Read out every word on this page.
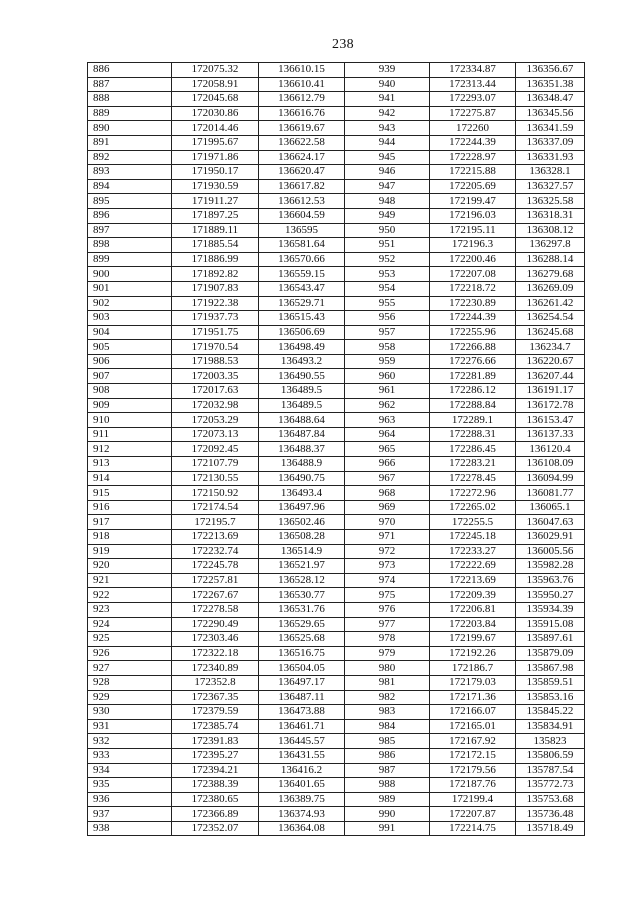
238
886	172075.32	136610.15	939	172334.87	136356.67
887	172058.91	136610.41	940	172313.44	136351.38
888	172045.68	136612.79	941	172293.07	136348.47
889	172030.86	136616.76	942	172275.87	136345.56
890	172014.46	136619.67	943	172260	136341.59
891	171995.67	136622.58	944	172244.39	136337.09
892	171971.86	136624.17	945	172228.97	136331.93
893	171950.17	136620.47	946	172215.88	136328.1
894	171930.59	136617.82	947	172205.69	136327.57
895	171911.27	136612.53	948	172199.47	136325.58
896	171897.25	136604.59	949	172196.03	136318.31
897	171889.11	136595	950	172195.11	136308.12
898	171885.54	136581.64	951	172196.3	136297.8
899	171886.99	136570.66	952	172200.46	136288.14
900	171892.82	136559.15	953	172207.08	136279.68
901	171907.83	136543.47	954	172218.72	136269.09
902	171922.38	136529.71	955	172230.89	136261.42
903	171937.73	136515.43	956	172244.39	136254.54
904	171951.75	136506.69	957	172255.96	136245.68
905	171970.54	136498.49	958	172266.88	136234.7
906	171988.53	136493.2	959	172276.66	136220.67
907	172003.35	136490.55	960	172281.89	136207.44
908	172017.63	136489.5	961	172286.12	136191.17
909	172032.98	136489.5	962	172288.84	136172.78
910	172053.29	136488.64	963	172289.1	136153.47
911	172073.13	136487.84	964	172288.31	136137.33
912	172092.45	136488.37	965	172286.45	136120.4
913	172107.79	136488.9	966	172283.21	136108.09
914	172130.55	136490.75	967	172278.45	136094.99
915	172150.92	136493.4	968	172272.96	136081.77
916	172174.54	136497.96	969	172265.02	136065.1
917	172195.7	136502.46	970	172255.5	136047.63
918	172213.69	136508.28	971	172245.18	136029.91
919	172232.74	136514.9	972	172233.27	136005.56
920	172245.78	136521.97	973	172222.69	135982.28
921	172257.81	136528.12	974	172213.69	135963.76
922	172267.67	136530.77	975	172209.39	135950.27
923	172278.58	136531.76	976	172206.81	135934.39
924	172290.49	136529.65	977	172203.84	135915.08
925	172303.46	136525.68	978	172199.67	135897.61
926	172322.18	136516.75	979	172192.26	135879.09
927	172340.89	136504.05	980	172186.7	135867.98
928	172352.8	136497.17	981	172179.03	135859.51
929	172367.35	136487.11	982	172171.36	135853.16
930	172379.59	136473.88	983	172166.07	135845.22
931	172385.74	136461.71	984	172165.01	135834.91
932	172391.83	136445.57	985	172167.92	135823
933	172395.27	136431.55	986	172172.15	135806.59
934	172394.21	136416.2	987	172179.56	135787.54
935	172388.39	136401.65	988	172187.76	135772.73
936	172380.65	136389.75	989	172199.4	135753.68
937	172366.89	136374.93	990	172207.87	135736.48
938	172352.07	136364.08	991	172214.75	135718.49
